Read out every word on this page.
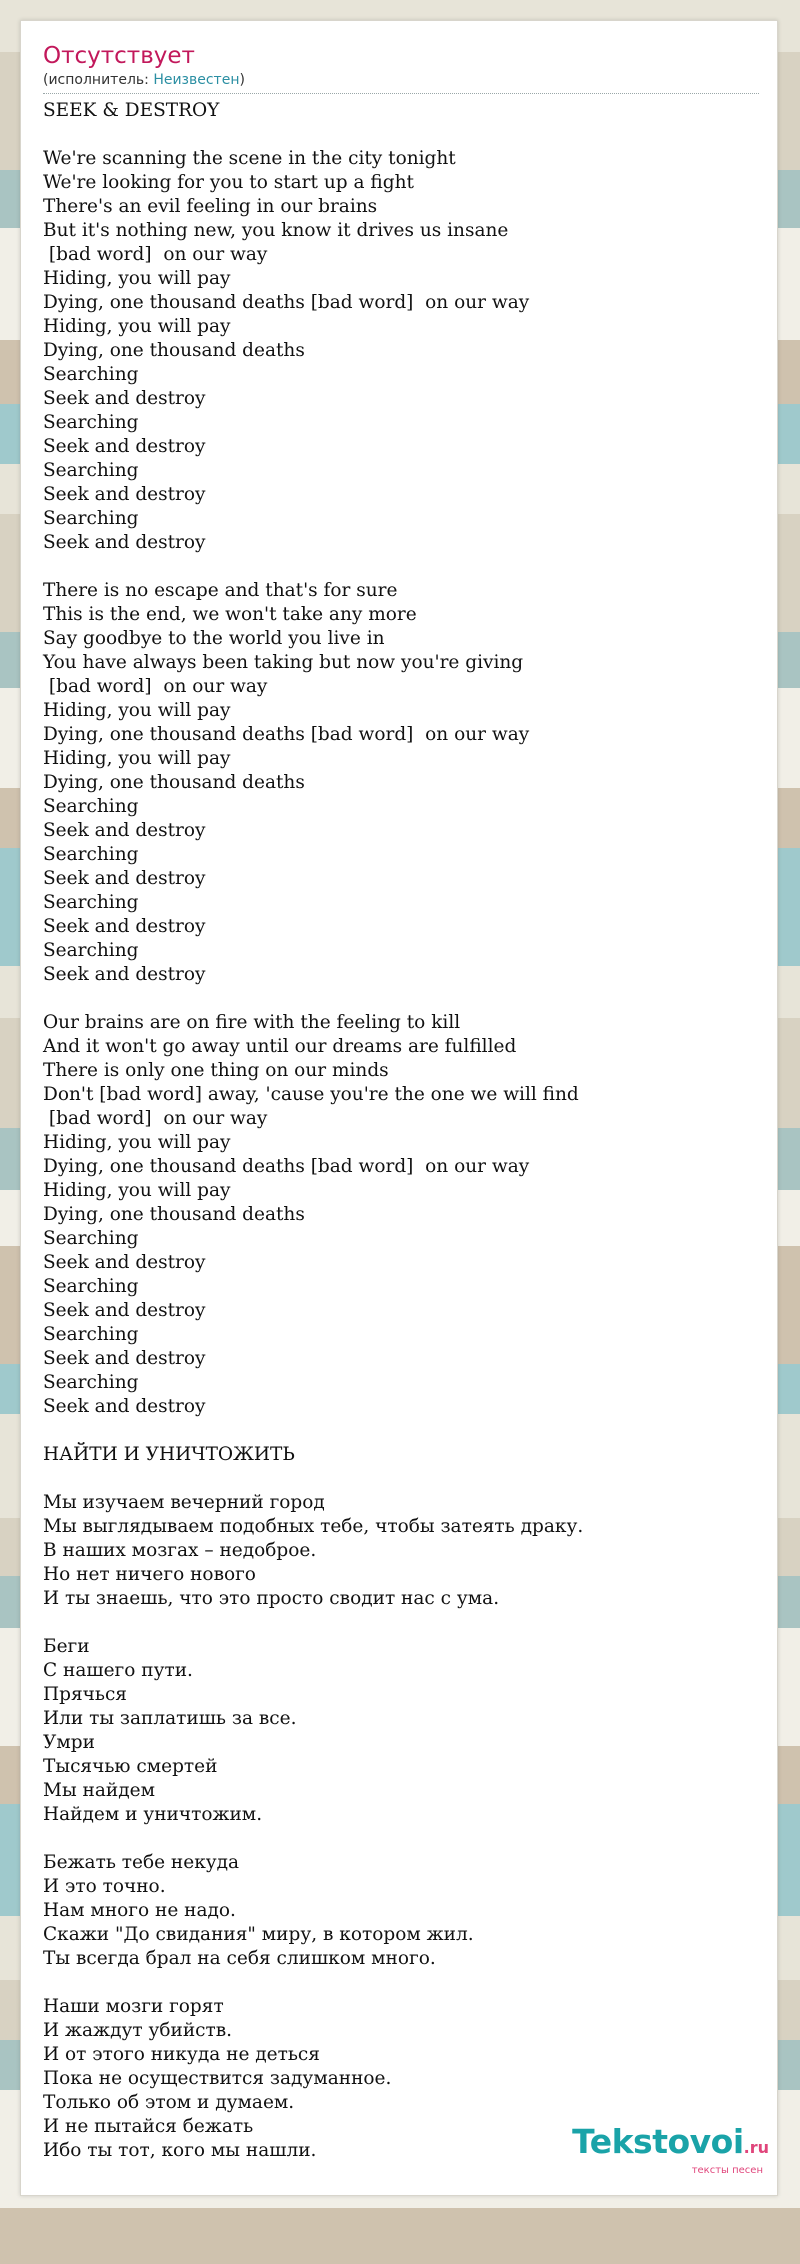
Отсутствует
(исполнитель: Неизвестен)
SEEK & DESTROY
We're scanning the scene in the city tonight
We're looking for you to start up a fight
There's an evil feeling in our brains
But it's nothing new, you know it drives us insane
[bad word]  on our way
Hiding, you will pay
Dying, one thousand deaths [bad word]  on our way
Hiding, you will pay
Dying, one thousand deaths
Searching
Seek and destroy
Searching
Seek and destroy
Searching
Seek and destroy
Searching
Seek and destroy
There is no escape and that's for sure
This is the end, we won't take any more
Say goodbye to the world you live in
You have always been taking but now you're giving
[bad word]  on our way
Hiding, you will pay
Dying, one thousand deaths [bad word]  on our way
Hiding, you will pay
Dying, one thousand deaths
Searching
Seek and destroy
Searching
Seek and destroy
Searching
Seek and destroy
Searching
Seek and destroy
Our brains are on fire with the feeling to kill
And it won't go away until our dreams are fulfilled
There is only one thing on our minds
Don't [bad word] away, 'cause you're the one we will find
[bad word]  on our way
Hiding, you will pay
Dying, one thousand deaths [bad word]  on our way
Hiding, you will pay
Dying, one thousand deaths
Searching
Seek and destroy
Searching
Seek and destroy
Searching
Seek and destroy
Searching
Seek and destroy
НАЙТИ И УНИЧТОЖИТЬ
Мы изучаем вечерний город
Мы выглядываем подобных тебе, чтобы затеять драку.
В наших мозгах – недоброе.
Но нет ничего нового
И ты знаешь, что это просто сводит нас с ума.
Беги
С нашего пути.
Прячься
Или ты заплатишь за все.
Умри
Тысячью смертей
Мы найдем
Найдем и уничтожим.
Бежать тебе некуда
И это точно.
Нам много не надо.
Скажи "До свидания" миру, в котором жил.
Ты всегда брал на себя слишком много.
Наши мозги горят
И жаждут убийств.
И от этого никуда не деться
Пока не осуществится задуманное.
Только об этом и думаем.
И не пытайся бежать
Ибо ты тот, кого мы нашли.	Tekstovoi.ru
тексты песен
